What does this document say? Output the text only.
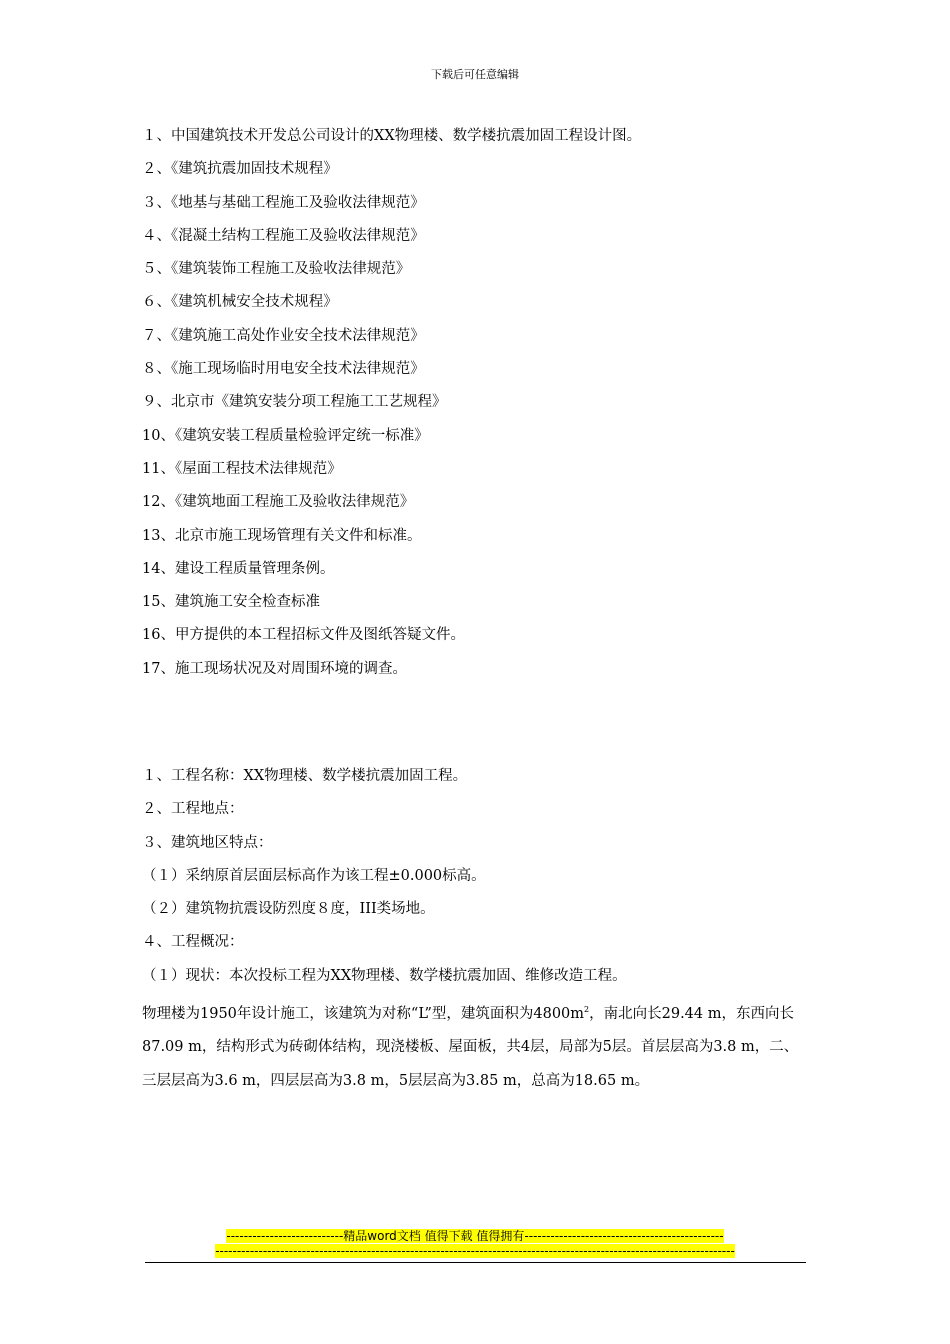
下载后可任意编辑
１、中国建筑技术开发总公司设计的XX物理楼、数学楼抗震加固工程设计图。
２、《建筑抗震加固技术规程》
３、《地基与基础工程施工及验收法律规范》
４、《混凝土结构工程施工及验收法律规范》
５、《建筑装饰工程施工及验收法律规范》
６、《建筑机械安全技术规程》
７、《建筑施工高处作业安全技术法律规范》
８、《施工现场临时用电安全技术法律规范》
９、北京市《建筑安装分项工程施工工艺规程》
10、《建筑安装工程质量检验评定统一标准》
11、《屋面工程技术法律规范》
12、《建筑地面工程施工及验收法律规范》
13、北京市施工现场管理有关文件和标准。
14、建设工程质量管理条例。
15、建筑施工安全检查标准
16、甲方提供的本工程招标文件及图纸答疑文件。
17、施工现场状况及对周围环境的调查。
１、工程名称：XX物理楼、数学楼抗震加固工程。
２、工程地点：
３、建筑地区特点：
（１）采纳原首层面层标高作为该工程±0.000标高。
（２）建筑物抗震设防烈度８度，III类场地。
４、工程概况：
（１）现状：本次投标工程为XX物理楼、数学楼抗震加固、维修改造工程。

物理楼为1950年设计施工，该建筑为对称“L”型，建筑面积为$4800m^2$，南北向长29.44 m，东西向长87.09 m，结构形式为砖砌体结构，现浇楼板、屋面板，共4层，局部为5层。首层层高为3.8 m，二、三层层高为3.6 m，四层层高为3.8 m，5层层高为3.85 m，总高为18.65 m。

---------------------------精品word文档 值得下载 值得拥有----------------------------------------------
------------------------------------------------------------------------------------------------------------------------
